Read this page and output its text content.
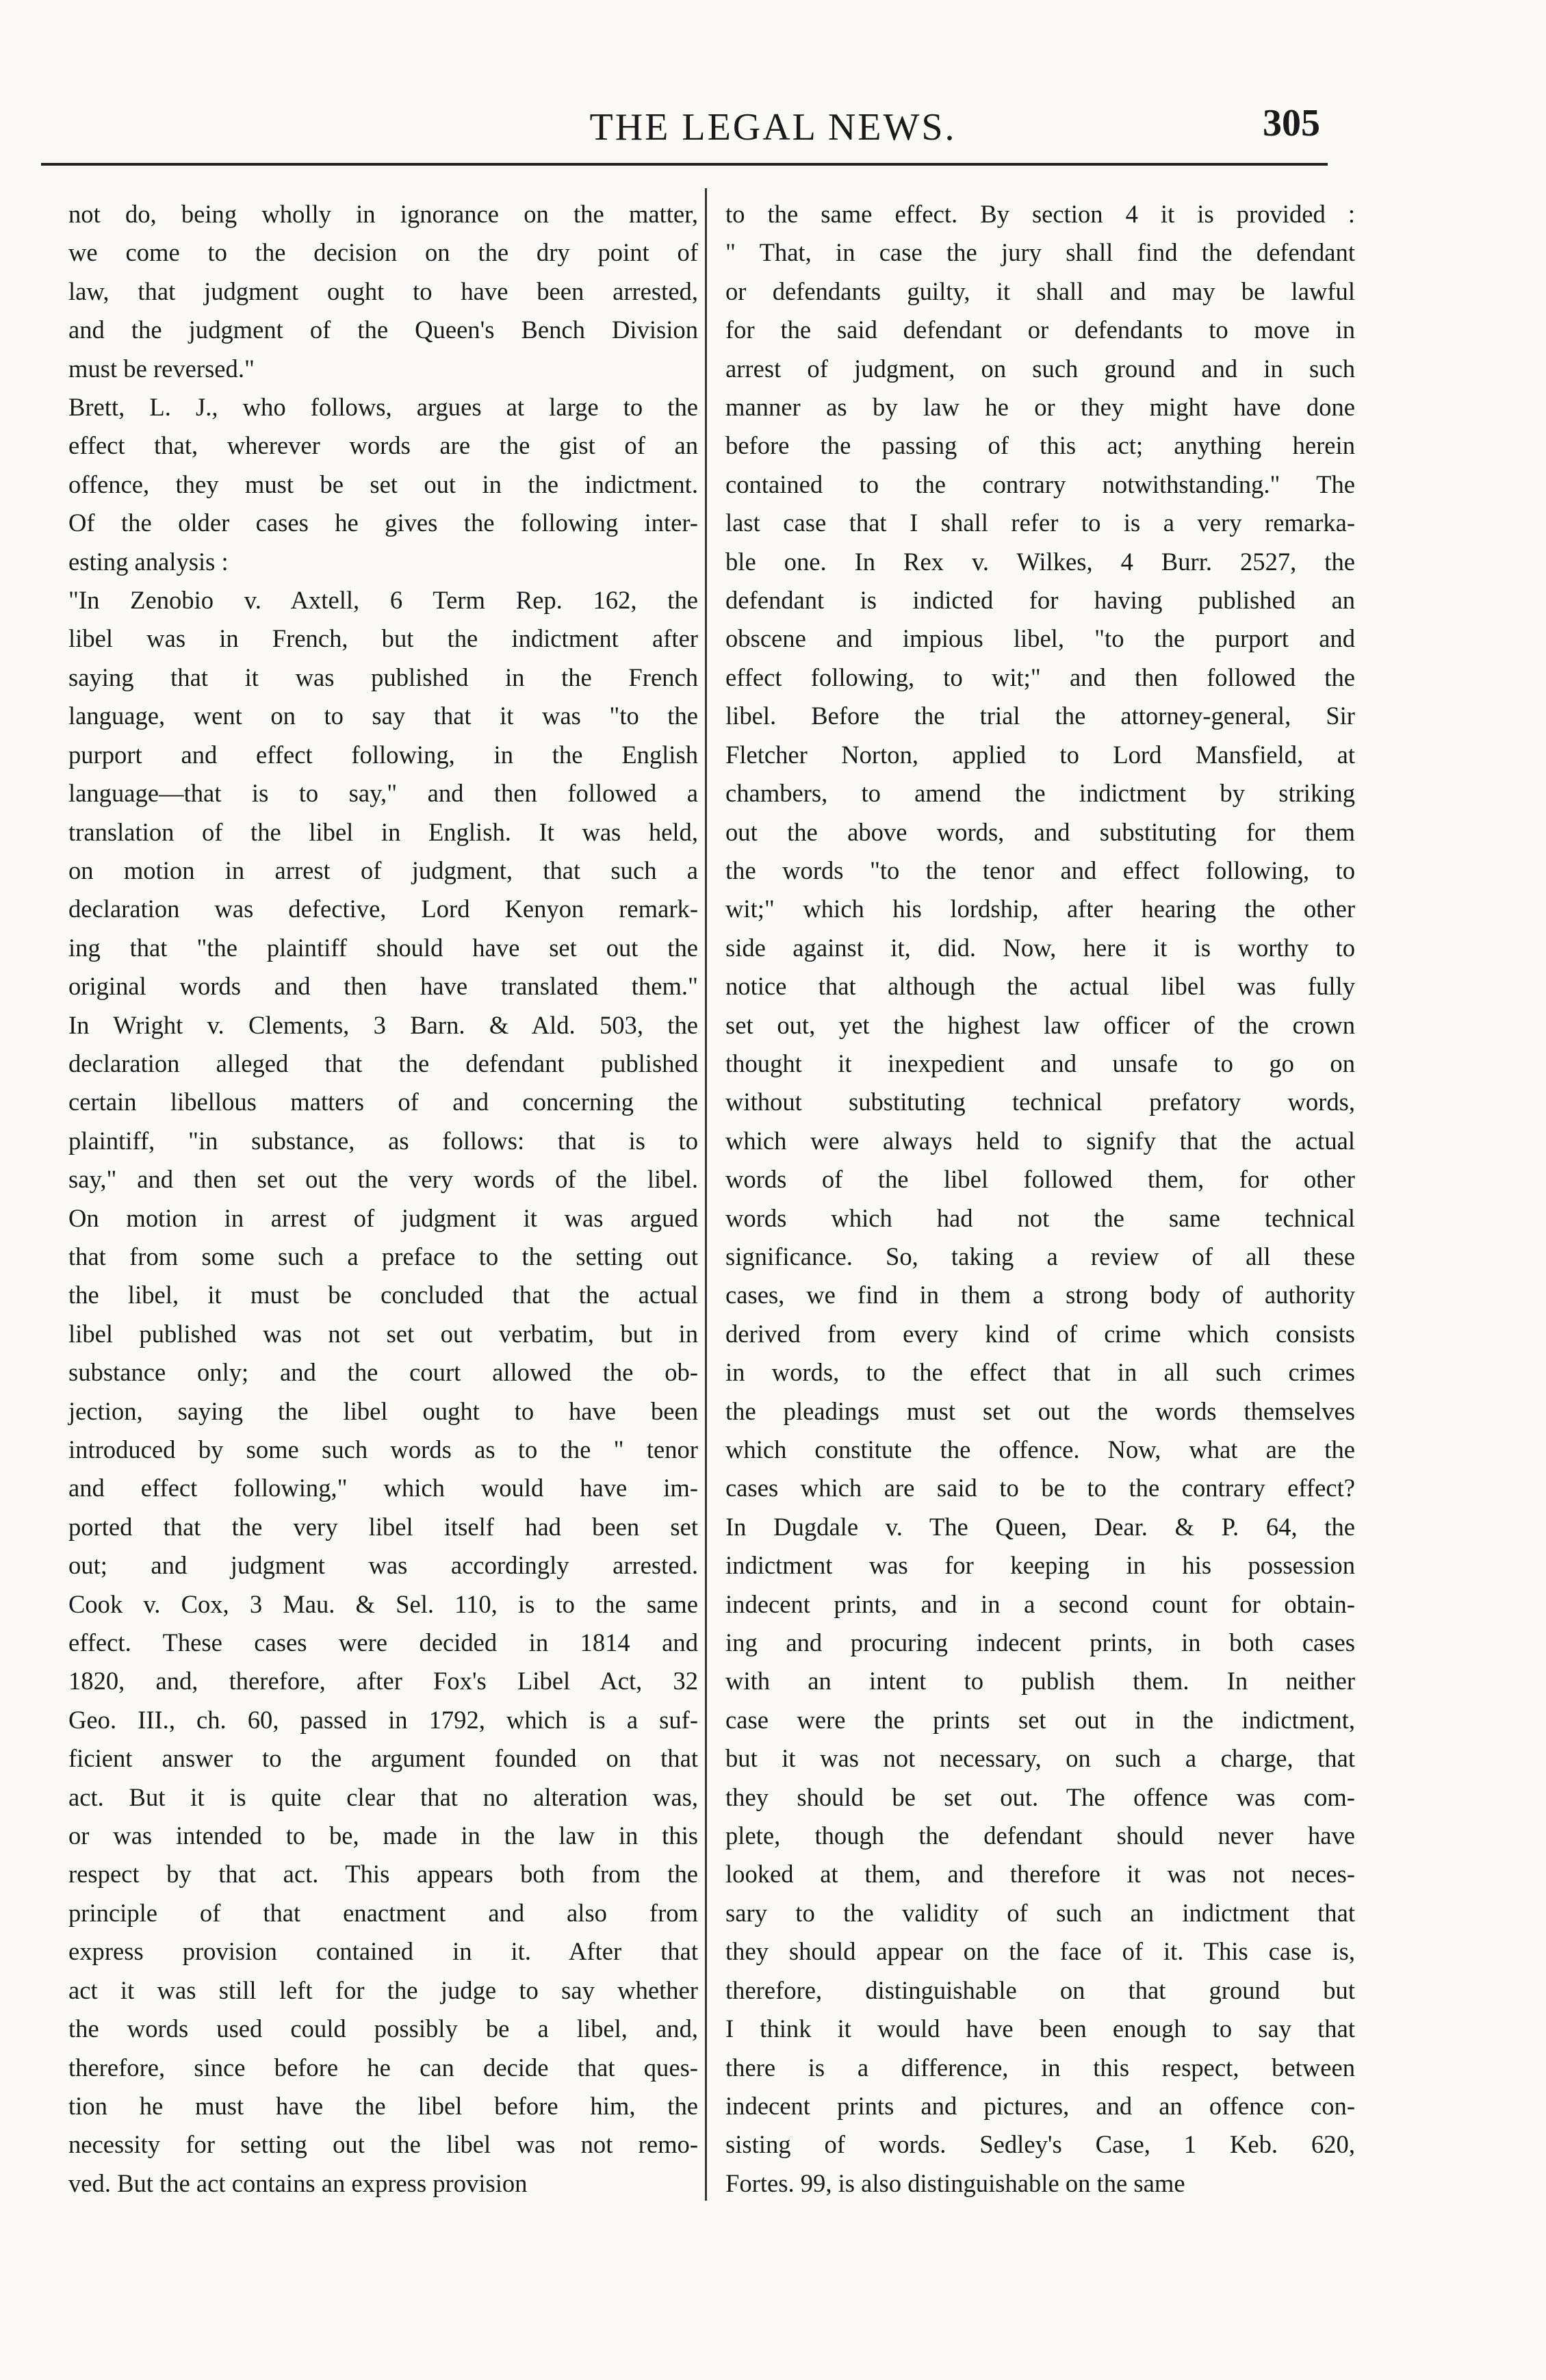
THE LEGAL NEWS.	305

not do, being wholly in ignorance on the matter,

we come to the decision on the dry point of

law, that judgment ought to have been arrested,

and the judgment of the Queen's Bench Division

must be reversed."

Brett, L. J., who follows, argues at large to the

effect that, wherever words are the gist of an

offence, they must be set out in the indictment.

Of the older cases he gives the following inter-

esting analysis :

"In Zenobio v. Axtell, 6 Term Rep. 162, the

libel was in French, but the indictment after

saying that it was published in the French

language, went on to say that it was "to the

purport and effect following, in the English

language—that is to say," and then followed a

translation of the libel in English. It was held,

on motion in arrest of judgment, that such a

declaration was defective, Lord Kenyon remark-

ing that "the plaintiff should have set out the

original words and then have translated them."

In Wright v. Clements, 3 Barn. & Ald. 503, the

declaration alleged that the defendant published

certain libellous matters of and concerning the

plaintiff, "in substance, as follows: that is to

say," and then set out the very words of the libel.

On motion in arrest of judgment it was argued

that from some such a preface to the setting out

the libel, it must be concluded that the actual

libel published was not set out verbatim, but in

substance only; and the court allowed the ob-

jection, saying the libel ought to have been

introduced by some such words as to the " tenor

and effect following," which would have im-

ported that the very libel itself had been set

out; and judgment was accordingly arrested.

Cook v. Cox, 3 Mau. & Sel. 110, is to the same

effect. These cases were decided in 1814 and

1820, and, therefore, after Fox's Libel Act, 32

Geo. III., ch. 60, passed in 1792, which is a suf-

ficient answer to the argument founded on that

act. But it is quite clear that no alteration was,

or was intended to be, made in the law in this

respect by that act. This appears both from the

principle of that enactment and also from

express provision contained in it. After that

act it was still left for the judge to say whether

the words used could possibly be a libel, and,

therefore, since before he can decide that ques-

tion he must have the libel before him, the

necessity for setting out the libel was not remo-

ved. But the act contains an express provision

to the same effect. By section 4 it is provided :

" That, in case the jury shall find the defendant

or defendants guilty, it shall and may be lawful

for the said defendant or defendants to move in

arrest of judgment, on such ground and in such

manner as by law he or they might have done

before the passing of this act; anything herein

contained to the contrary notwithstanding." The

last case that I shall refer to is a very remarka-

ble one. In Rex v. Wilkes, 4 Burr. 2527, the

defendant is indicted for having published an

obscene and impious libel, "to the purport and

effect following, to wit;" and then followed the

libel. Before the trial the attorney-general, Sir

Fletcher Norton, applied to Lord Mansfield, at

chambers, to amend the indictment by striking

out the above words, and substituting for them

the words "to the tenor and effect following, to

wit;" which his lordship, after hearing the other

side against it, did. Now, here it is worthy to

notice that although the actual libel was fully

set out, yet the highest law officer of the crown

thought it inexpedient and unsafe to go on

without substituting technical prefatory words,

which were always held to signify that the actual

words of the libel followed them, for other

words which had not the same technical

significance. So, taking a review of all these

cases, we find in them a strong body of authority

derived from every kind of crime which consists

in words, to the effect that in all such crimes

the pleadings must set out the words themselves

which constitute the offence. Now, what are the

cases which are said to be to the contrary effect?

In Dugdale v. The Queen, Dear. & P. 64, the

indictment was for keeping in his possession

indecent prints, and in a second count for obtain-

ing and procuring indecent prints, in both cases

with an intent to publish them. In neither

case were the prints set out in the indictment,

but it was not necessary, on such a charge, that

they should be set out. The offence was com-

plete, though the defendant should never have

looked at them, and therefore it was not neces-

sary to the validity of such an indictment that

they should appear on the face of it. This case is,

therefore, distinguishable on that ground but

I think it would have been enough to say that

there is a difference, in this respect, between

indecent prints and pictures, and an offence con-

sisting of words. Sedley's Case, 1 Keb. 620,

Fortes. 99, is also distinguishable on the same
